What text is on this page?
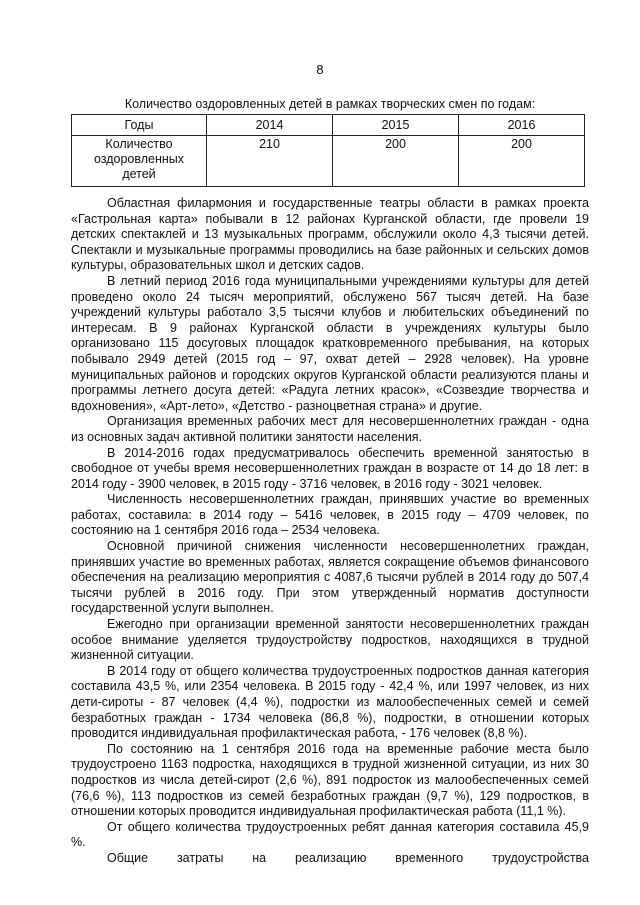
8
Количество оздоровленных детей в рамках творческих смен по годам:
Годы	2014	2015	2016
Количество оздоровленных детей	210	200	200

Областная филармония и государственные театры области в рамках проекта «Гастрольная карта» побывали в 12 районах Курганской области, где провели 19 детских спектаклей и 13 музыкальных программ, обслужили около 4,3 тысячи детей. Спектакли и музыкальные программы проводились на базе районных и сельских домов культуры, образовательных школ и детских садов.

В летний период 2016 года муниципальными учреждениями культуры для детей проведено около 24 тысяч мероприятий, обслужено 567 тысяч детей. На базе учреждений культуры работало 3,5 тысячи клубов и любительских объединений по интересам. В 9 районах Курганской области в учреждениях культуры было организовано 115 досуговых площадок кратковременного пребывания, на которых побывало 2949 детей (2015 год – 97, охват детей – 2928 человек). На уровне муниципальных районов и городских округов Курганской области реализуются планы и программы летнего досуга детей: «Радуга летних красок», «Созвездие творчества и вдохновения», «Арт-лето», «Детство - разноцветная страна» и другие.

Организация временных рабочих мест для несовершеннолетних граждан - одна из основных задач активной политики занятости населения.

В 2014-2016 годах предусматривалось обеспечить временной занятостью в свободное от учебы время несовершеннолетних граждан в возрасте от 14 до 18 лет: в 2014 году - 3900 человек, в 2015 году - 3716 человек, в 2016 году - 3021 человек.

Численность несовершеннолетних граждан, принявших участие во временных работах, составила: в 2014 году – 5416 человек, в 2015 году – 4709 человек, по состоянию на 1 сентября 2016 года – 2534 человека.

Основной причиной снижения численности несовершеннолетних граждан, принявших участие во временных работах, является сокращение объемов финансового обеспечения на реализацию мероприятия с 4087,6 тысячи рублей в 2014 году до 507,4 тысячи рублей в 2016 году. При этом утвержденный норматив доступности государственной услуги выполнен.

Ежегодно при организации временной занятости несовершеннолетних граждан особое внимание уделяется трудоустройству подростков, находящихся в трудной жизненной ситуации.

В 2014 году от общего количества трудоустроенных подростков данная категория составила 43,5 %, или 2354 человека. В 2015 году - 42,4 %, или 1997 человек, из них дети-сироты - 87 человек (4,4 %), подростки из малообеспеченных семей и семей безработных граждан - 1734 человека (86,8 %), подростки, в отношении которых проводится индивидуальная профилактическая работа, - 176 человек (8,8 %).

По состоянию на 1 сентября 2016 года на временные рабочие места было трудоустроено 1163 подростка, находящихся в трудной жизненной ситуации, из них 30 подростков из числа детей-сирот (2,6 %), 891 подросток из малообеспеченных семей (76,6 %), 113 подростков из семей безработных граждан (9,7 %), 129 подростков, в отношении которых проводится индивидуальная профилактическая работа (11,1 %).

От общего количества трудоустроенных ребят данная категория составила 45,9 %.

Общие затраты на реализацию временного трудоустройства
